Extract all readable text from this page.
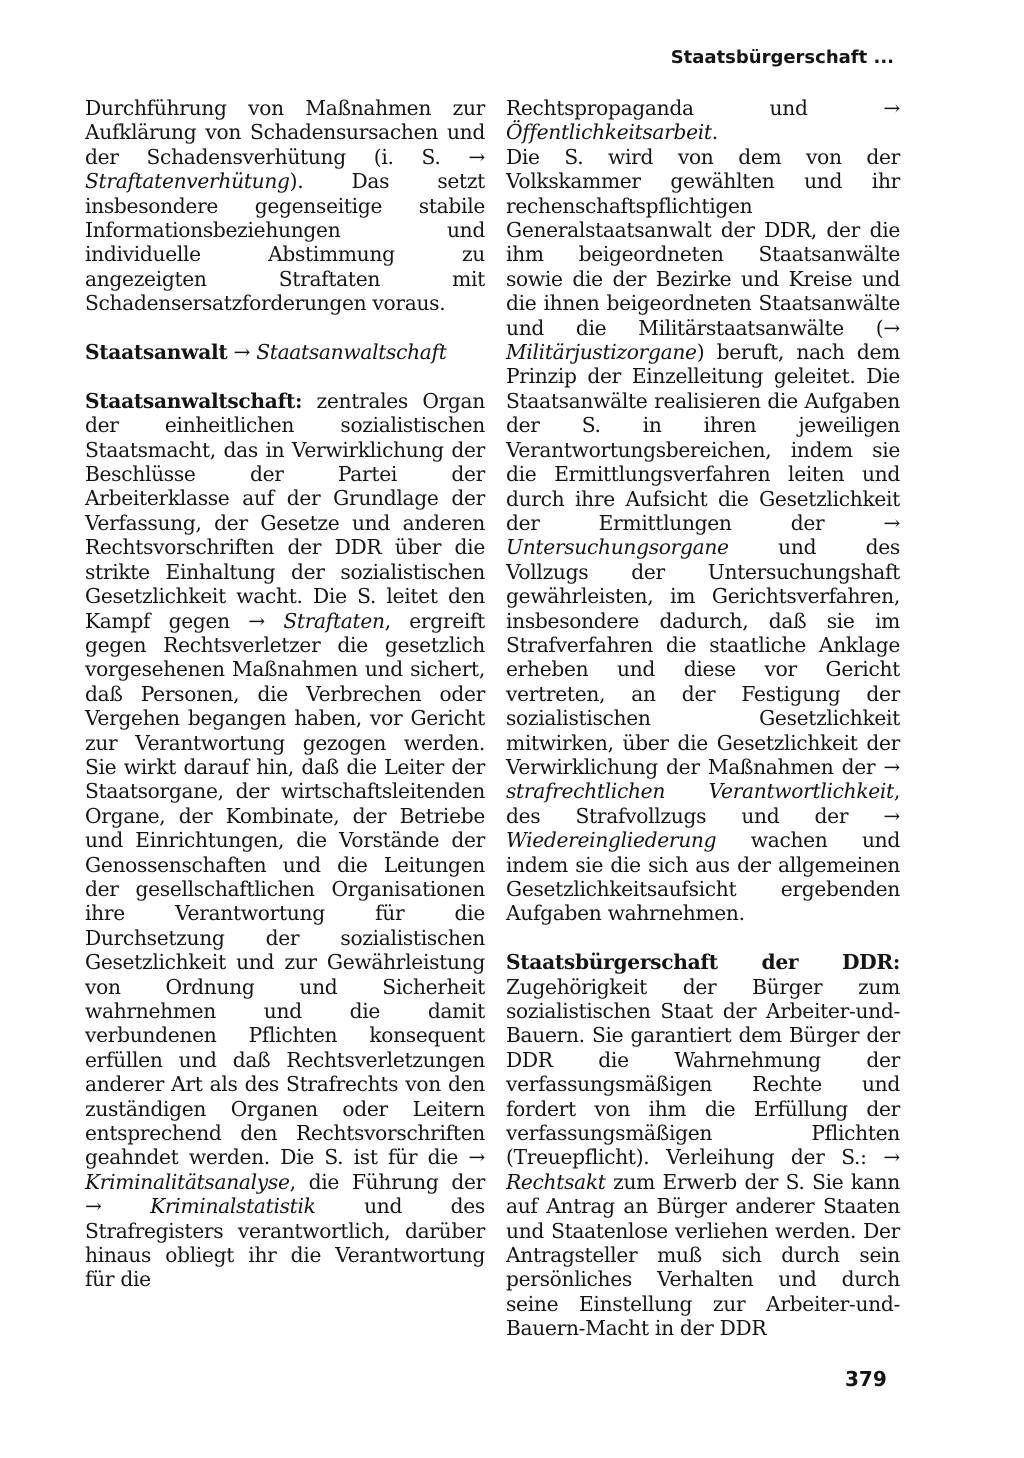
Staatsbürgerschaft ...

Durchführung von Maßnahmen zur Aufklärung von Schadensursachen und der Schadensverhütung (i. S. → Straftatenverhütung). Das setzt insbesondere gegenseitige stabile Informationsbeziehungen und individuelle Abstimmung zu angezeigten Straftaten mit Schadensersatzforderungen voraus.

Staatsanwalt → Staatsanwaltschaft

Staatsanwaltschaft: zentrales Organ der einheitlichen sozialistischen Staatsmacht, das in Verwirklichung der Beschlüsse der Partei der Arbeiterklasse auf der Grundlage der Verfassung, der Gesetze und anderen Rechtsvorschriften der DDR über die strikte Einhaltung der sozialistischen Gesetzlichkeit wacht. Die S. leitet den Kampf gegen → Straftaten, ergreift gegen Rechtsverletzer die gesetzlich vorgesehenen Maßnahmen und sichert, daß Personen, die Verbrechen oder Vergehen begangen haben, vor Gericht zur Verantwortung gezogen werden. Sie wirkt darauf hin, daß die Leiter der Staatsorgane, der wirtschaftsleitenden Organe, der Kombinate, der Betriebe und Einrichtungen, die Vorstände der Genossenschaften und die Leitungen der gesellschaftlichen Organisationen ihre Verantwortung für die Durchsetzung der sozialistischen Gesetzlichkeit und zur Gewährleistung von Ordnung und Sicherheit wahrnehmen und die damit verbundenen Pflichten konsequent erfüllen und daß Rechtsverletzungen anderer Art als des Strafrechts von den zuständigen Organen oder Leitern entsprechend den Rechtsvorschriften geahndet werden. Die S. ist für die → Kriminalitätsanalyse, die Führung der → Kriminalstatistik und des Strafregisters verantwortlich, darüber hinaus obliegt ihr die Verantwortung für die

Rechtspropaganda und → Öffentlichkeitsarbeit.

Die S. wird von dem von der Volkskammer gewählten und ihr rechenschaftspflichtigen Generalstaatsanwalt der DDR, der die ihm beigeordneten Staatsanwälte sowie die der Bezirke und Kreise und die ihnen beigeordneten Staatsanwälte und die Militärstaatsanwälte (→ Militärjustizorgane) beruft, nach dem Prinzip der Einzelleitung geleitet. Die Staatsanwälte realisieren die Aufgaben der S. in ihren jeweiligen Verantwortungsbereichen, indem sie die Ermittlungsverfahren leiten und durch ihre Aufsicht die Gesetzlichkeit der Ermittlungen der → Untersuchungsorgane und des Vollzugs der Untersuchungshaft gewährleisten, im Gerichtsverfahren, insbesondere dadurch, daß sie im Strafverfahren die staatliche Anklage erheben und diese vor Gericht vertreten, an der Festigung der sozialistischen Gesetzlichkeit mitwirken, über die Gesetzlichkeit der Verwirklichung der Maßnahmen der → strafrechtlichen Verantwortlichkeit, des Strafvollzugs und der → Wiedereingliederung wachen und indem sie die sich aus der allgemeinen Gesetzlichkeitsaufsicht ergebenden Aufgaben wahrnehmen.

Staatsbürgerschaft der DDR: Zugehörigkeit der Bürger zum sozialistischen Staat der Arbeiter-und-Bauern. Sie garantiert dem Bürger der DDR die Wahrnehmung der verfassungsmäßigen Rechte und fordert von ihm die Erfüllung der verfassungsmäßigen Pflichten (Treuepflicht). Verleihung der S.: → Rechtsakt zum Erwerb der S. Sie kann auf Antrag an Bürger anderer Staaten und Staatenlose verliehen werden. Der Antragsteller muß sich durch sein persönliches Verhalten und durch seine Einstellung zur Arbeiter-und-Bauern-Macht in der DDR

379
